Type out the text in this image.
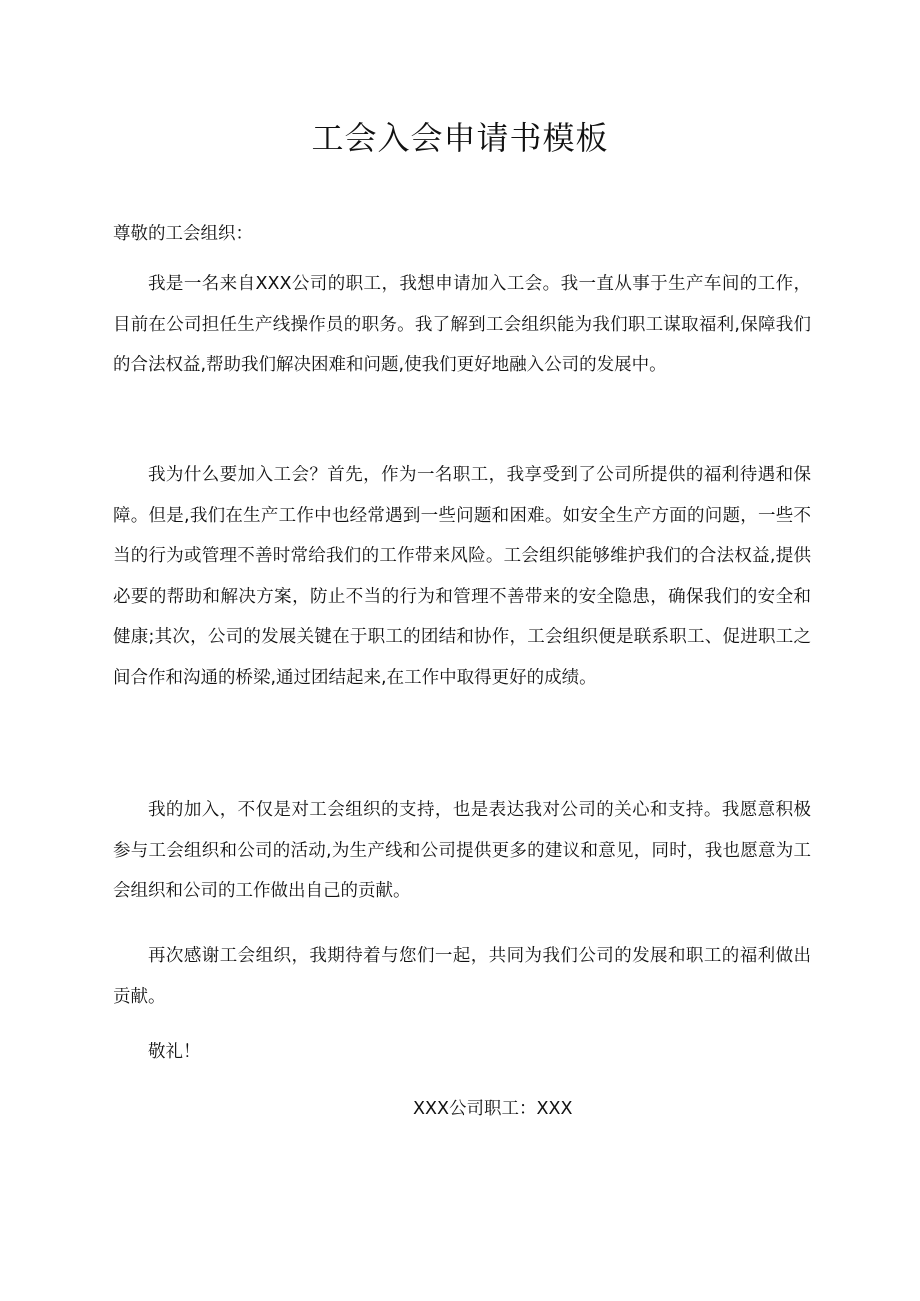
工会入会申请书模板
尊敬的工会组织：

我是一名来自XXX公司的职工，我想申请加入工会。我一直从事于生产车间的工作，目前在公司担任生产线操作员的职务。我了解到工会组织能为我们职工谋取福利,保障我们的合法权益,帮助我们解决困难和问题,使我们更好地融入公司的发展中。

我为什么要加入工会？首先，作为一名职工，我享受到了公司所提供的福利待遇和保障。但是,我们在生产工作中也经常遇到一些问题和困难。如安全生产方面的问题，一些不当的行为或管理不善时常给我们的工作带来风险。工会组织能够维护我们的合法权益,提供必要的帮助和解决方案，防止不当的行为和管理不善带来的安全隐患，确保我们的安全和健康;其次，公司的发展关键在于职工的团结和协作，工会组织便是联系职工、促进职工之间合作和沟通的桥梁,通过团结起来,在工作中取得更好的成绩。

我的加入，不仅是对工会组织的支持，也是表达我对公司的关心和支持。我愿意积极参与工会组织和公司的活动,为生产线和公司提供更多的建议和意见，同时，我也愿意为工会组织和公司的工作做出自己的贡献。

再次感谢工会组织，我期待着与您们一起，共同为我们公司的发展和职工的福利做出贡献。

敬礼！
XXX公司职工：XXX
